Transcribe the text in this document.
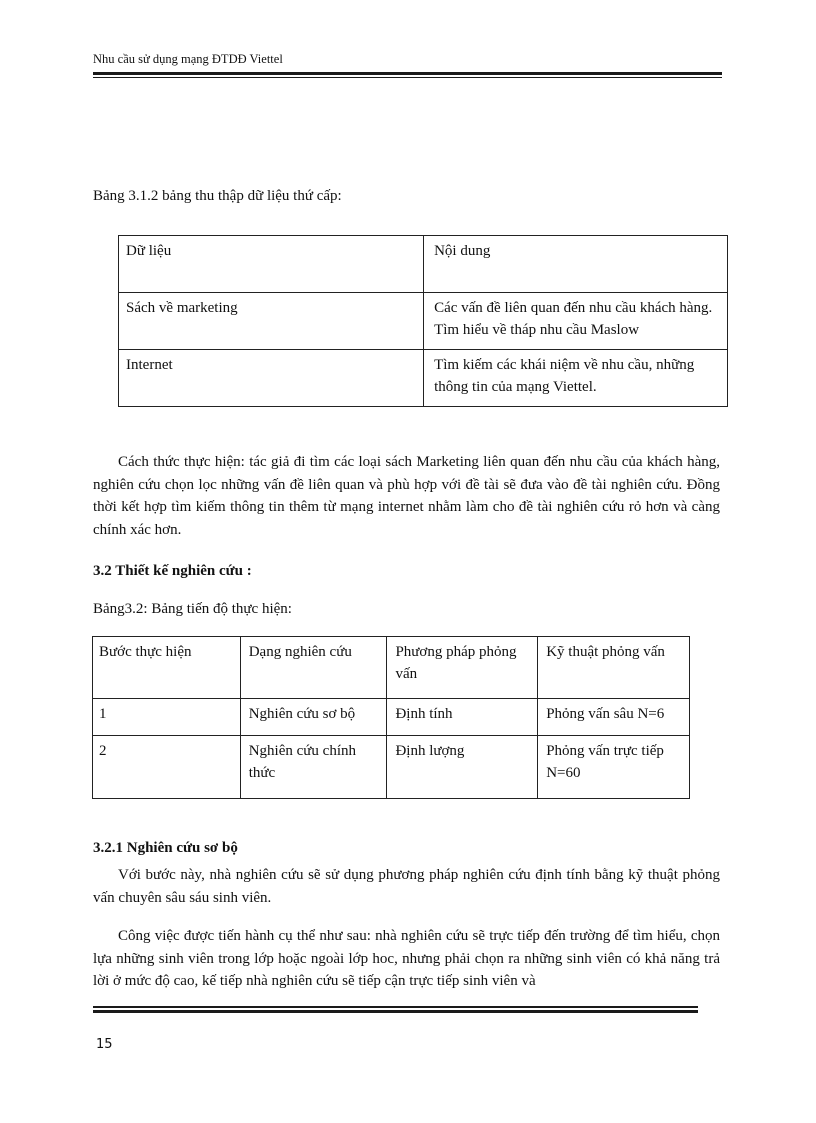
Nhu cầu sử dụng mạng ĐTDĐ Viettel
Bảng 3.1.2 bảng thu thập dữ liệu thứ cấp:
Dữ liệu	Nội dung
Sách về marketing	Các vấn đề liên quan đến nhu cầu khách hàng. Tìm hiểu về tháp nhu cầu Maslow
Internet	Tìm kiếm các khái niệm về nhu cầu, những thông tin của mạng Viettel.
Cách thức thực hiện: tác giả đi tìm các loại sách Marketing liên quan đến nhu cầu của khách hàng, nghiên cứu chọn lọc những vấn đề liên quan và phù hợp với đề tài sẽ đưa vào đề tài nghiên cứu. Đồng thời kết hợp tìm kiếm thông tin thêm từ mạng internet nhằm làm cho đề tài nghiên cứu rỏ hơn và càng chính xác hơn.
3.2 Thiết kế nghiên cứu :
Bảng3.2: Bảng tiến độ thực hiện:
Bước thực hiện	Dạng nghiên cứu	Phương pháp phỏng vấn	Kỹ thuật phỏng vấn
1	Nghiên cứu sơ bộ	Định tính	Phỏng vấn sâu N=6
2	Nghiên cứu chính thức	Định lượng	Phỏng vấn trực tiếp N=60
3.2.1 Nghiên cứu sơ bộ
Với bước này, nhà nghiên cứu sẽ sử dụng phương pháp nghiên cứu định tính bằng kỹ thuật phỏng vấn chuyên sâu sáu sinh viên.
Công việc được tiến hành cụ thể như sau: nhà nghiên cứu sẽ trực tiếp đến trường để tìm hiểu, chọn lựa những sinh viên trong lớp hoặc ngoài lớp hoc, nhưng phải chọn ra những sinh viên có khả năng trả lời ở mức độ cao, kế tiếp nhà nghiên cứu sẽ tiếp cận trực tiếp sinh viên và
15
